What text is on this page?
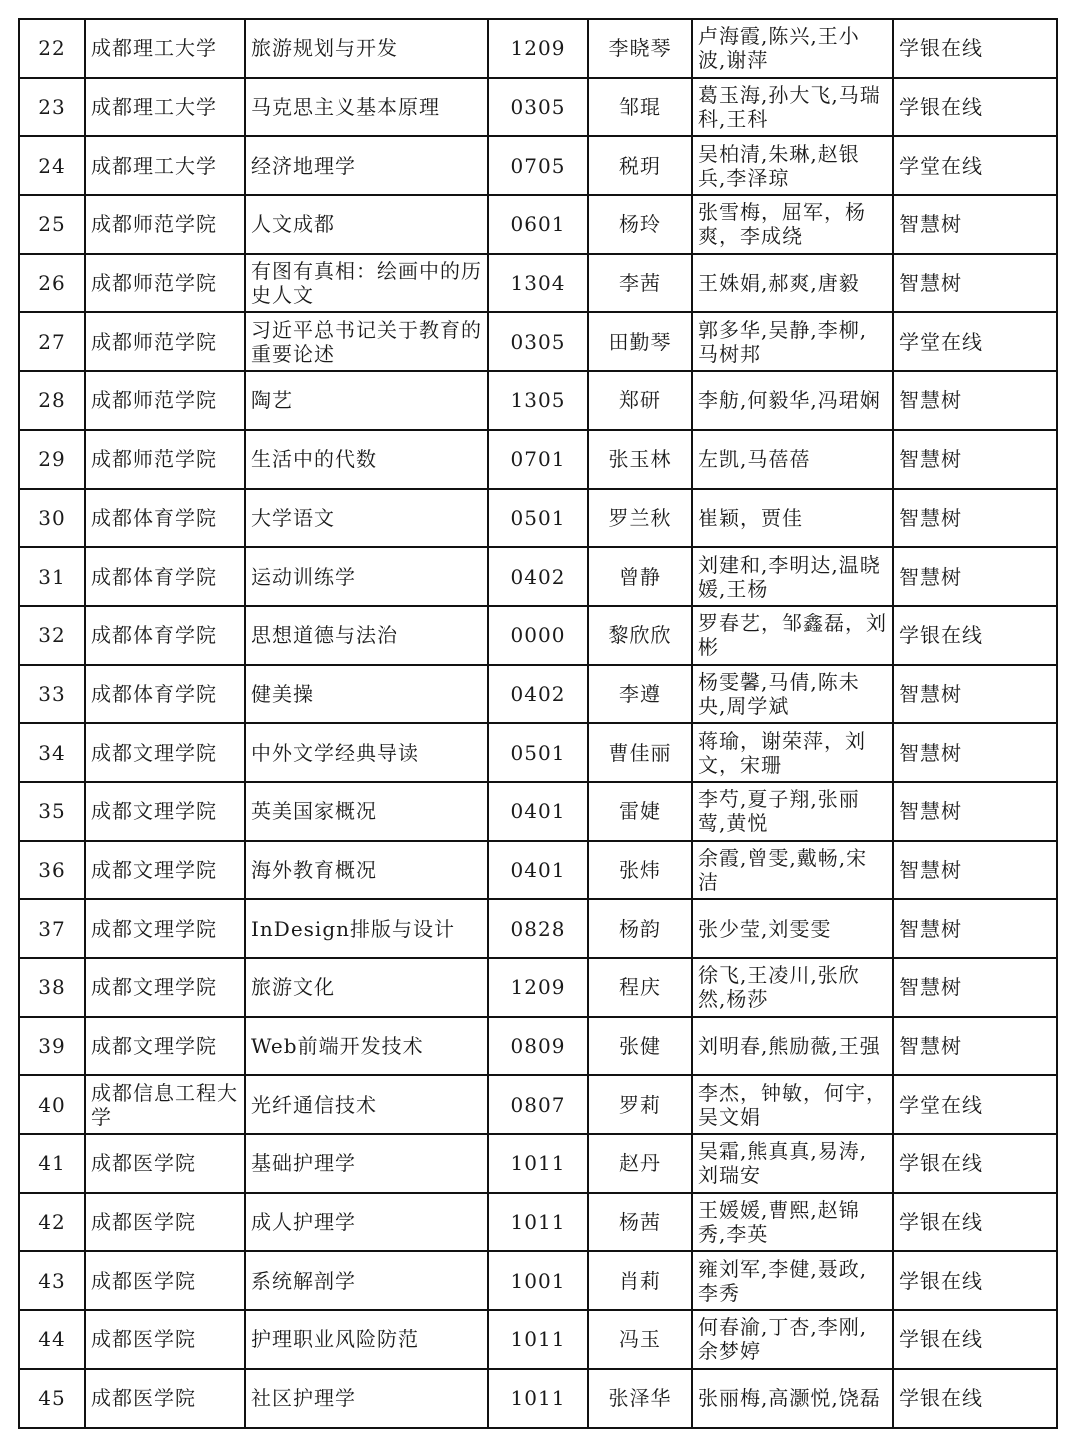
22	成都理工大学	旅游规划与开发	1209	李晓琴	卢海霞,陈兴,王小波,谢萍	学银在线
23	成都理工大学	马克思主义基本原理	0305	邹琨	葛玉海,孙大飞,马瑞科,王科	学银在线
24	成都理工大学	经济地理学	0705	税玥	吴柏清,朱琳,赵银兵,李泽琼	学堂在线
25	成都师范学院	人文成都	0601	杨玲	张雪梅，屈军，杨爽，李成绕	智慧树
26	成都师范学院	有图有真相：绘画中的历史人文	1304	李茜	王姝娟,郝爽,唐毅	智慧树
27	成都师范学院	习近平总书记关于教育的重要论述	0305	田勤琴	郭多华,吴静,李柳,马树邦	学堂在线
28	成都师范学院	陶艺	1305	郑研	李舫,何毅华,冯珺娴	智慧树
29	成都师范学院	生活中的代数	0701	张玉林	左凯,马蓓蓓	智慧树
30	成都体育学院	大学语文	0501	罗兰秋	崔颖，贾佳	智慧树
31	成都体育学院	运动训练学	0402	曾静	刘建和,李明达,温晓媛,王杨	智慧树
32	成都体育学院	思想道德与法治	0000	黎欣欣	罗春艺，邹鑫磊，刘彬	学银在线
33	成都体育学院	健美操	0402	李遵	杨雯馨,马倩,陈未央,周学斌	智慧树
34	成都文理学院	中外文学经典导读	0501	曹佳丽	蒋瑜，谢荣萍，刘文，宋珊	智慧树
35	成都文理学院	英美国家概况	0401	雷婕	李芍,夏子翔,张丽莺,黄悦	智慧树
36	成都文理学院	海外教育概况	0401	张炜	余霞,曾雯,戴畅,宋洁	智慧树
37	成都文理学院	InDesign排版与设计	0828	杨韵	张少莹,刘雯雯	智慧树
38	成都文理学院	旅游文化	1209	程庆	徐飞,王凌川,张欣然,杨莎	智慧树
39	成都文理学院	Web前端开发技术	0809	张健	刘明春,熊励薇,王强	智慧树
40	成都信息工程大学	光纤通信技术	0807	罗莉	李杰，钟敏，何宇，吴文娟	学堂在线
41	成都医学院	基础护理学	1011	赵丹	吴霜,熊真真,易涛,刘瑞安	学银在线
42	成都医学院	成人护理学	1011	杨茜	王媛媛,曹熙,赵锦秀,李英	学银在线
43	成都医学院	系统解剖学	1001	肖莉	雍刘军,李健,聂政,李秀	学银在线
44	成都医学院	护理职业风险防范	1011	冯玉	何春渝,丁杏,李刚,余梦婷	学银在线
45	成都医学院	社区护理学	1011	张泽华	张丽梅,高灏悦,饶磊	学银在线
